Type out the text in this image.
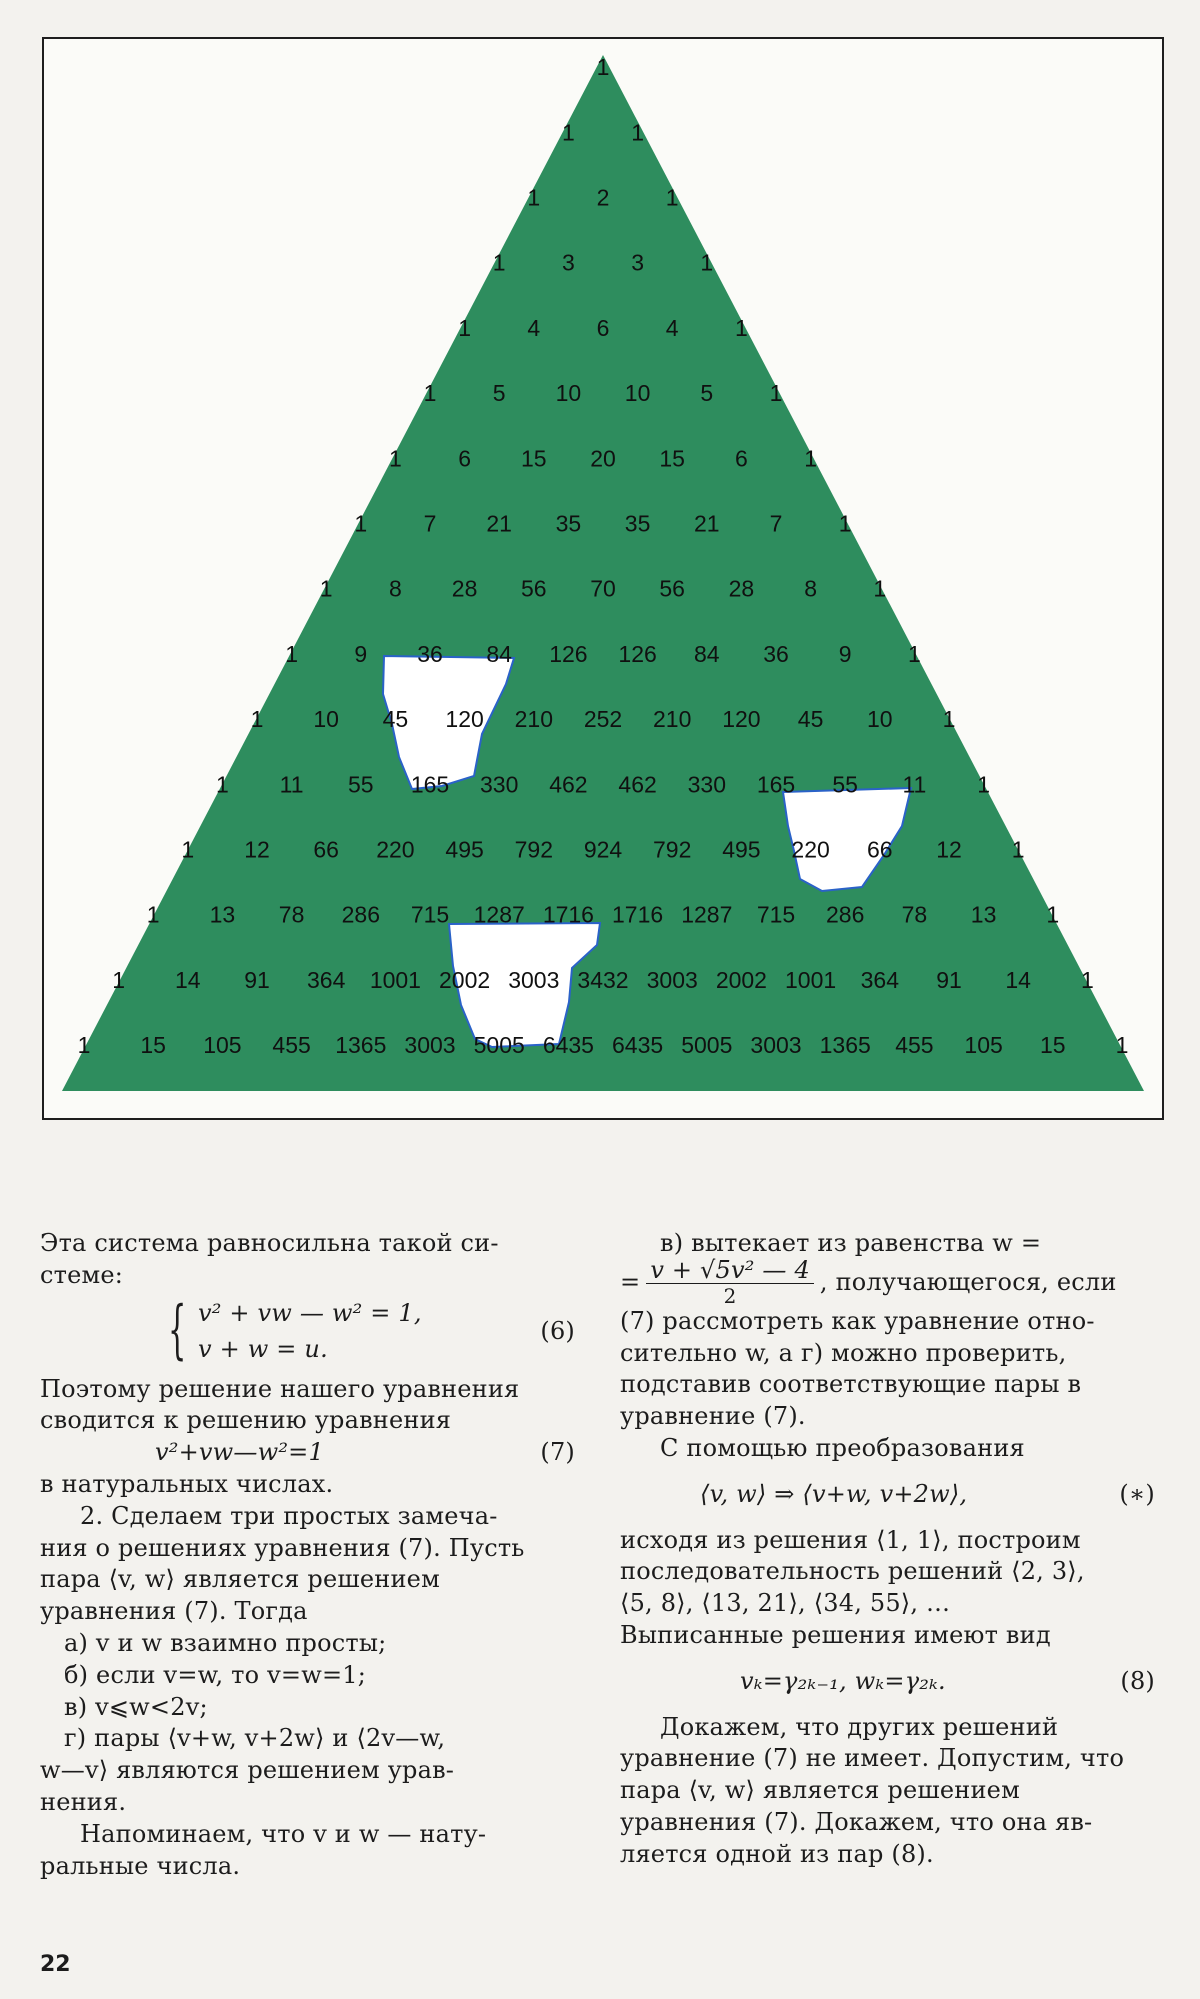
1
1 1
1 2 1
1 3 3 1
1 4 6 4 1
1 5 10 10 5 1
1 6 15 20 15 6 1
1 7 21 35 35 21 7 1
1 8 28 56 70 56 28 8 1
1 9 36 84 126 126 84 36 9 1
1 10 45 120 210 252 210 120 45 10 1
1 11 55 165 330 462 462 330 165 55 11 1
1 12 66 220 495 792 924 792 495 220 66 12 1
1 13 78 286 715 1287 1716 1716 1287 715 286 78 13 1
1 14 91 364 1001 2002 3003 3432 3003 2002 1001 364 91 14 1
1 15 105 455 1365 3003 5005 6435 6435 5005 3003 1365 455 105 15 1
Эта система равносильна такой си-
стеме:
{ v² + vw — w² = 1,
v + w = u.
(6)
Поэтому решение нашего уравнения
сводится к решению уравнения
v²+vw—w²=1	(7)
в натуральных числах.
2. Сделаем три простых замеча-
ния о решениях уравнения (7). Пусть
пара ⟨v, w⟩ является решением
уравнения (7). Тогда
а) v и w взаимно просты;
б) если v=w, то v=w=1;
в) v⩽w<2v;
г) пары ⟨v+w, v+2w⟩ и ⟨2v—w,
w—v⟩ являются решением урав-
нения.
Напоминаем, что v и w — нату-
ральные числа.
в) вытекает из равенства w =
= $\frac{\text{v + √5v² — 4}}{2}$ , получающегося, если
(7) рассмотреть как уравнение отно-
сительно w, а г) можно проверить,
подставив соответствующие пары в
уравнение (7).
С помощью преобразования
⟨v, w⟩ ⇒ ⟨v+w, v+2w⟩,	(∗)
исходя из решения ⟨1, 1⟩, построим
последовательность решений ⟨2, 3⟩,
⟨5, 8⟩, ⟨13, 21⟩, ⟨34, 55⟩, …
Выписанные решения имеют вид
vₖ=γ₂ₖ₋₁, wₖ=γ₂ₖ.	(8)
Докажем, что других решений
уравнение (7) не имеет. Допустим, что
пара ⟨v, w⟩ является решением
уравнения (7). Докажем, что она яв-
ляется одной из пар (8).
22
